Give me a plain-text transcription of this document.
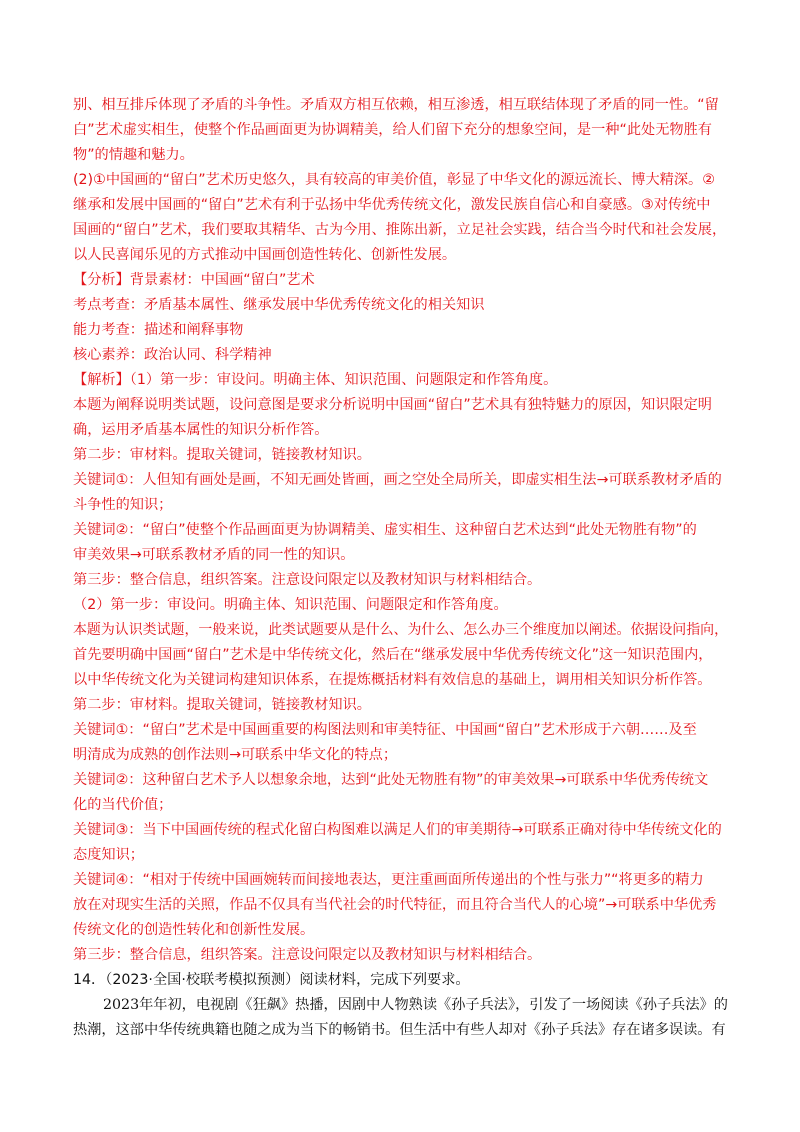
别、相互排斥体现了矛盾的斗争性。矛盾双方相互依赖，相互渗透，相互联结体现了矛盾的同一性。“留
白”艺术虚实相生，使整个作品画面更为协调精美，给人们留下充分的想象空间，是一种“此处无物胜有
物”的情趣和魅力。
(2)①中国画的“留白”艺术历史悠久，具有较高的审美价值，彰显了中华文化的源远流长、博大精深。②
继承和发展中国画的“留白”艺术有利于弘扬中华优秀传统文化，激发民族自信心和自豪感。③对传统中
国画的“留白”艺术，我们要取其精华、古为今用、推陈出新，立足社会实践，结合当今时代和社会发展，
以人民喜闻乐见的方式推动中国画创造性转化、创新性发展。
【分析】背景素材：中国画“留白”艺术
考点考查：矛盾基本属性、继承发展中华优秀传统文化的相关知识
能力考查：描述和阐释事物
核心素养：政治认同、科学精神
【解析】（1）第一步：审设问。明确主体、知识范围、问题限定和作答角度。
本题为阐释说明类试题，设问意图是要求分析说明中国画“留白”艺术具有独特魅力的原因，知识限定明
确，运用矛盾基本属性的知识分析作答。
第二步：审材料。提取关键词，链接教材知识。
关键词①：人但知有画处是画，不知无画处皆画，画之空处全局所关，即虚实相生法→可联系教材矛盾的
斗争性的知识；
关键词②：“留白”使整个作品画面更为协调精美、虚实相生、这种留白艺术达到“此处无物胜有物”的
审美效果→可联系教材矛盾的同一性的知识。
第三步：整合信息，组织答案。注意设问限定以及教材知识与材料相结合。
（2）第一步：审设问。明确主体、知识范围、问题限定和作答角度。
本题为认识类试题，一般来说，此类试题要从是什么、为什么、怎么办三个维度加以阐述。依据设问指向，
首先要明确中国画“留白”艺术是中华传统文化，然后在“继承发展中华优秀传统文化”这一知识范围内，
以中华传统文化为关键词构建知识体系，在提炼概括材料有效信息的基础上，调用相关知识分析作答。
第二步：审材料。提取关键词，链接教材知识。
关键词①：“留白”艺术是中国画重要的构图法则和审美特征、中国画“留白”艺术形成于六朝……及至
明清成为成熟的创作法则→可联系中华文化的特点；
关键词②：这种留白艺术予人以想象余地，达到“此处无物胜有物”的审美效果→可联系中华优秀传统文
化的当代价值；
关键词③：当下中国画传统的程式化留白构图难以满足人们的审美期待→可联系正确对待中华传统文化的
态度知识；
关键词④：“相对于传统中国画婉转而间接地表达，更注重画面所传递出的个性与张力”“将更多的精力
放在对现实生活的关照，作品不仅具有当代社会的时代特征，而且符合当代人的心境”→可联系中华优秀
传统文化的创造性转化和创新性发展。
第三步：整合信息，组织答案。注意设问限定以及教材知识与材料相结合。
14．（2023·全国·校联考模拟预测）阅读材料，完成下列要求。
2023年年初，电视剧《狂飙》热播，因剧中人物熟读《孙子兵法》，引发了一场阅读《孙子兵法》的
热潮，这部中华传统典籍也随之成为当下的畅销书。但生活中有些人却对《孙子兵法》存在诸多误读。有
